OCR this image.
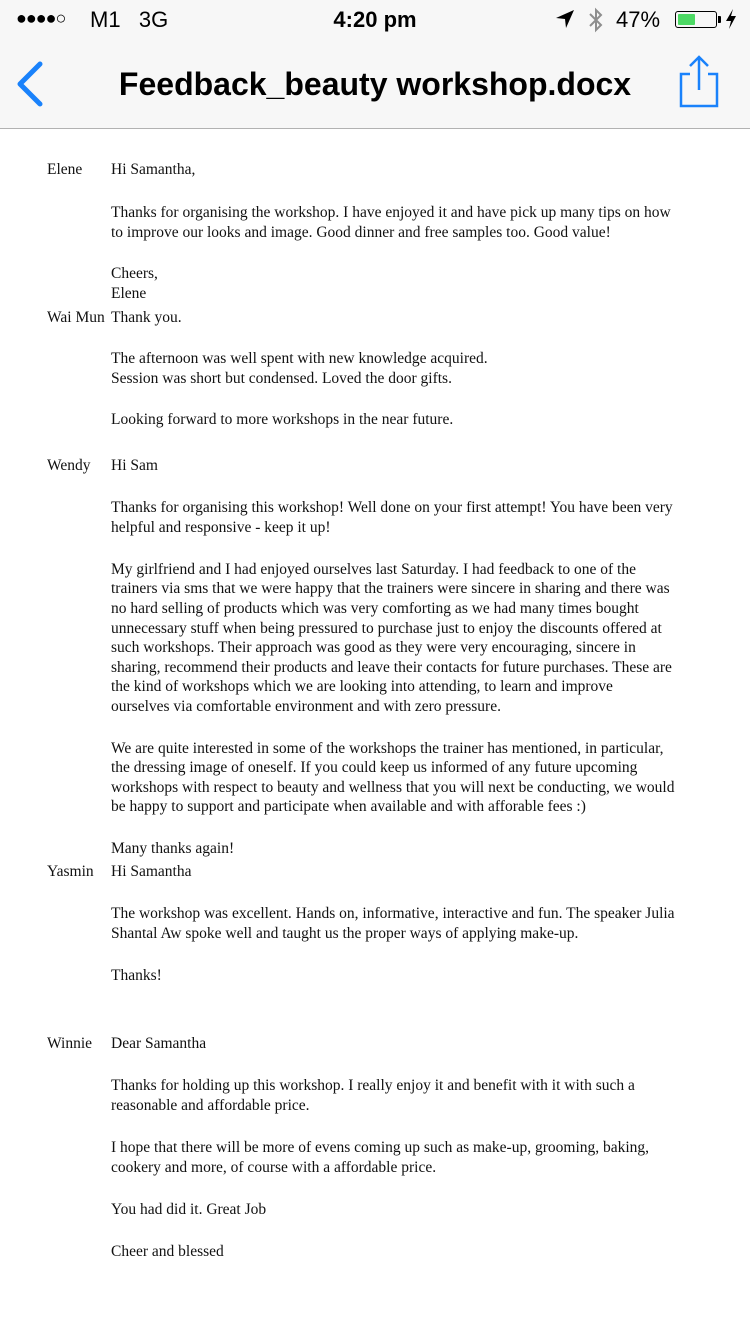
●●●●○ M1 3G	4:20 pm	47%
Feedback_beauty workshop.docx
Elene Hi Samantha,
Thanks for organising the workshop. I have enjoyed it and have pick up many tips on how
to improve our looks and image. Good dinner and free samples too. Good value!
Cheers,
Elene
Wai Mun Thank you.
The afternoon was well spent with new knowledge acquired.
Session was short but condensed. Loved the door gifts.
Looking forward to more workshops in the near future.
Wendy Hi Sam
Thanks for organising this workshop! Well done on your first attempt! You have been very
helpful and responsive - keep it up!
My girlfriend and I had enjoyed ourselves last Saturday. I had feedback to one of the
trainers via sms that we were happy that the trainers were sincere in sharing and there was
no hard selling of products which was very comforting as we had many times bought
unnecessary stuff when being pressured to purchase just to enjoy the discounts offered at
such workshops. Their approach was good as they were very encouraging, sincere in
sharing, recommend their products and leave their contacts for future purchases. These are
the kind of workshops which we are looking into attending, to learn and improve
ourselves via comfortable environment and with zero pressure.
We are quite interested in some of the workshops the trainer has mentioned, in particular,
the dressing image of oneself. If you could keep us informed of any future upcoming
workshops with respect to beauty and wellness that you will next be conducting, we would
be happy to support and participate when available and with afforable fees :)
Many thanks again!
Yasmin Hi Samantha
The workshop was excellent. Hands on, informative, interactive and fun. The speaker Julia
Shantal Aw spoke well and taught us the proper ways of applying make-up.
Thanks!
Winnie Dear Samantha
Thanks for holding up this workshop. I really enjoy it and benefit with it with such a
reasonable and affordable price.
I hope that there will be more of evens coming up such as make-up, grooming, baking,
cookery and more, of course with a affordable price.
You had did it. Great Job
Cheer and blessed
